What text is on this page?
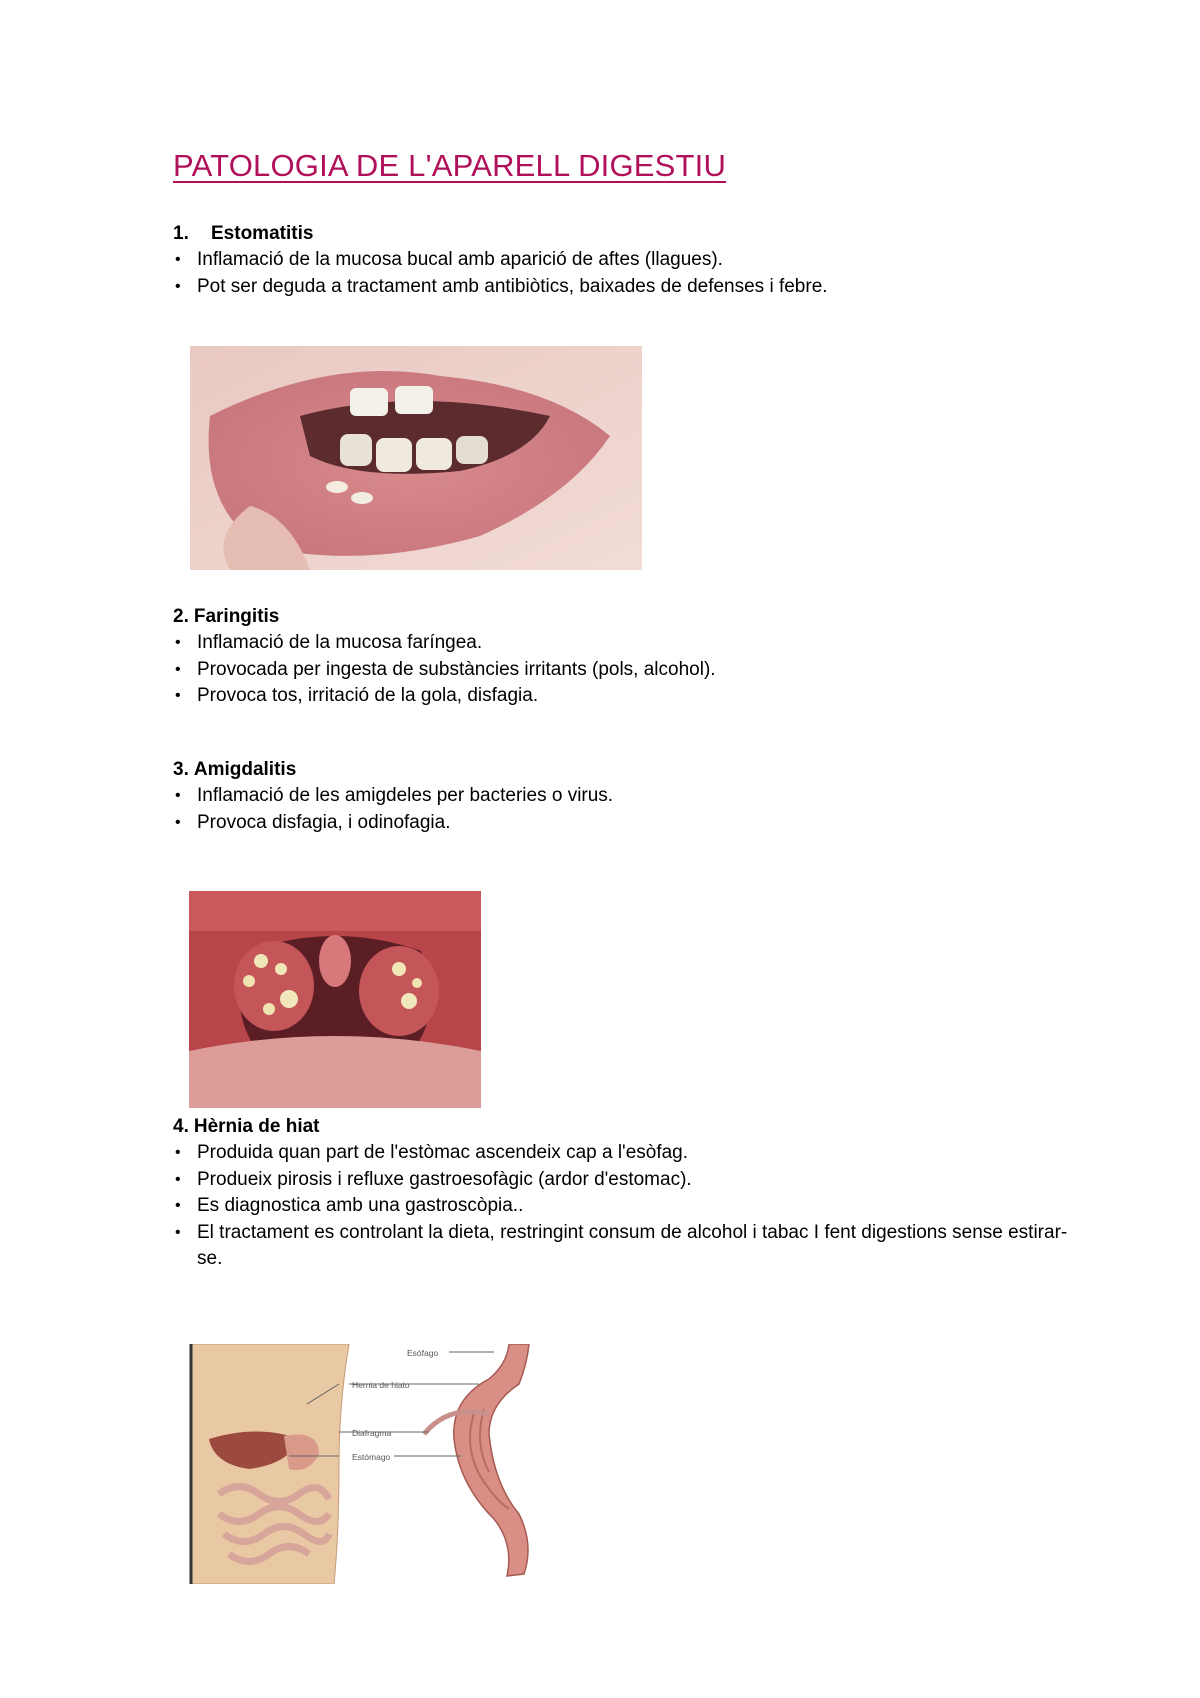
PATOLOGIA DE L'APARELL DIGESTIU

1. Estomatitis

• Inflamació de la mucosa bucal amb aparició de aftes (llagues).
• Pot ser deguda a tractament amb antibiòtics, baixades de defenses i febre.

2. Faringitis

• Inflamació de la mucosa faríngea.
• Provocada per ingesta de substàncies irritants (pols, alcohol).
• Provoca tos, irritació de la gola, disfagia.

3. Amigdalitis

• Inflamació de les amigdeles per bacteries o virus.
• Provoca disfagia, i odinofagia.

4. Hèrnia de hiat

• Produida quan part de l'estòmac ascendeix cap a l'esòfag.
• Produeix pirosis i refluxe gastroesofàgic (ardor d'estomac).
• Es diagnostica amb una gastroscòpia..
• El tractament es controlant la dieta, restringint consum de alcohol i tabac I fent digestions sense estirar-se.
Esófago
Hernia de hiato
Diafragma
Estómago
